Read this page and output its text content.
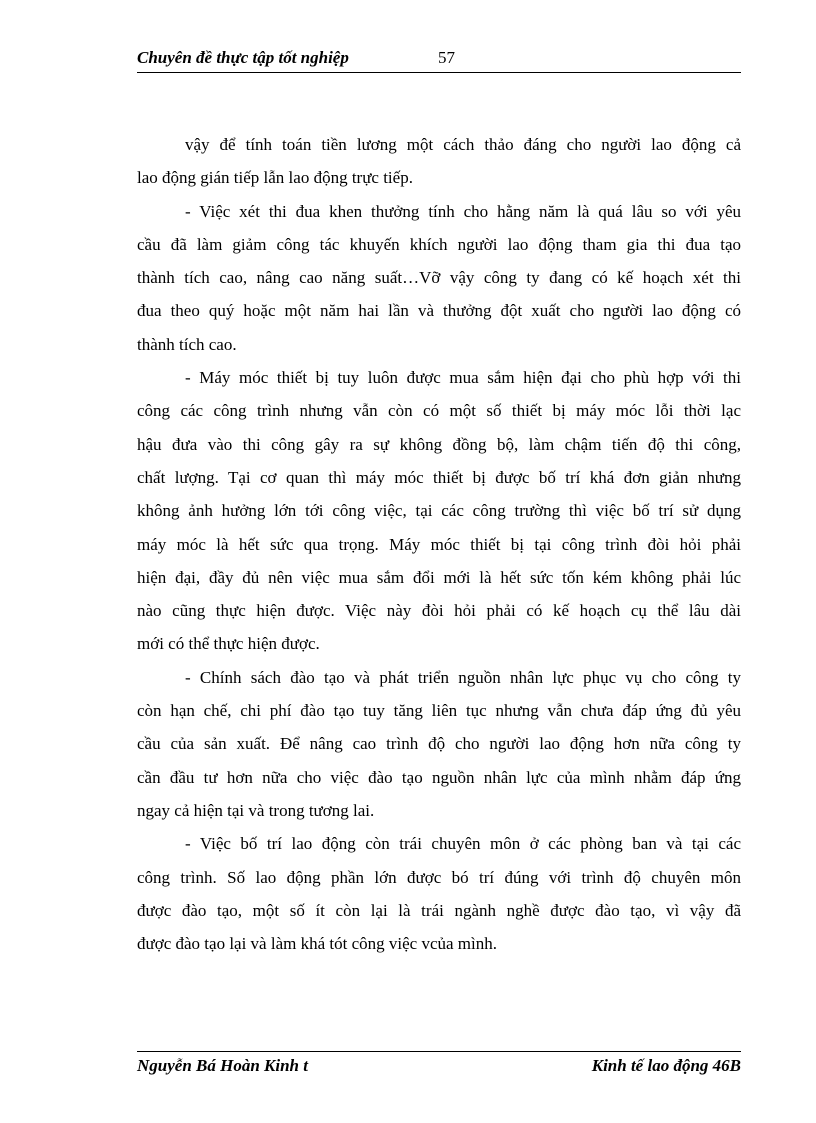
Chuyên đề thực tập tốt nghiệp	57
vậy để tính toán tiền lương một cách thảo đáng cho người lao động cả
lao động gián tiếp lẫn lao động trực tiếp.
- Việc xét thi đua khen thưởng tính cho hằng năm là quá lâu so với yêu
cầu đã làm giảm công tác khuyến khích người lao động tham gia thi đua tạo
thành tích cao, nâng cao năng suất…Vỡ vậy công ty đang có kế hoạch xét thi
đua theo quý hoặc một năm hai lần và thưởng đột xuất cho người lao động có
thành tích cao.
- Máy móc thiết bị tuy luôn được mua sắm hiện đại cho phù hợp với thi
công các công trình nhưng vẫn còn có một số thiết bị máy móc lỗi thời lạc
hậu đưa vào thi công gây ra sự không đồng bộ, làm chậm tiến độ thi công,
chất lượng. Tại cơ quan thì máy móc thiết bị được bố trí khá đơn giản nhưng
không ảnh hưởng lớn tới công việc, tại các công trường thì việc bố trí sử dụng
máy móc là hết sức qua trọng. Máy móc thiết bị tại công trình đòi hỏi phải
hiện đại, đầy đủ nên việc mua sắm đổi mới là hết sức tốn kém không phải lúc
nào cũng thực hiện được. Việc này đòi hỏi phải có kế hoạch cụ thể lâu dài
mới có thể thực hiện được.
- Chính sách đào tạo và phát triển nguồn nhân lực phục vụ cho công ty
còn hạn chế, chi phí đào tạo tuy tăng liên tục nhưng vẫn chưa đáp ứng đủ yêu
cầu của sản xuất. Để nâng cao trình độ cho người lao động hơn nữa công ty
cần đầu tư hơn nữa cho việc đào tạo nguồn nhân lực của mình nhằm đáp ứng
ngay cả hiện tại và trong tương lai.
- Việc bố trí lao động còn trái chuyên môn ở các phòng ban và tại các
công trình. Số lao động phần lớn được bó trí đúng với trình độ chuyên môn
được đào tạo, một số ít còn lại là trái ngành nghề được đào tạo, vì vậy đã
được đào tạo lại và làm khá tót công việc vcủa mình.
Nguyễn Bá Hoàn Kinh t	Kinh tế lao động 46B
